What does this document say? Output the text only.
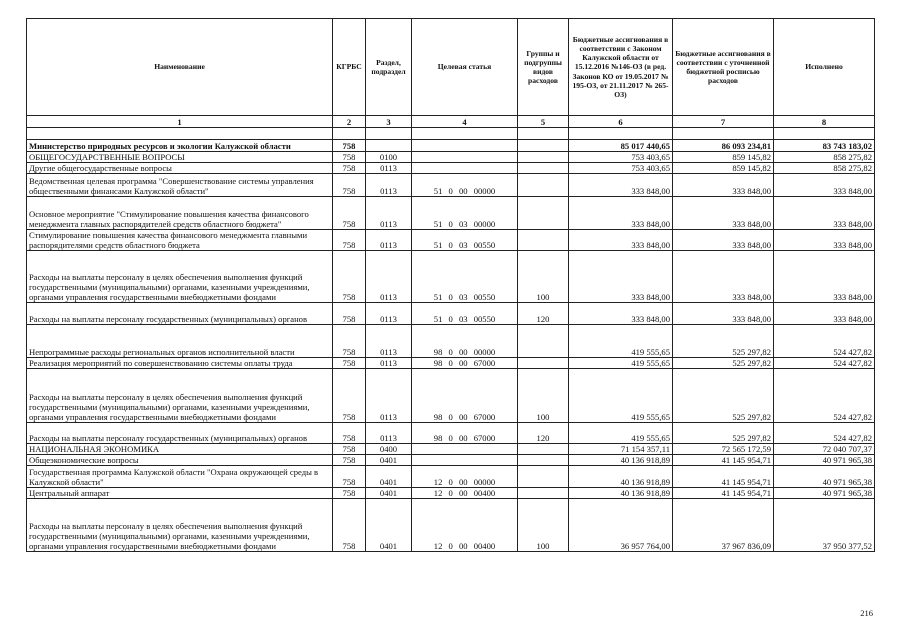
Наименование	КГРБС	Раздел, подраздел	Целевая статья	Группы и подгруппы видов расходов	Бюджетные ассигнования в соответствии с Законом Калужской области от 15.12.2016 №146-ОЗ (в ред. Законов КО от 19.05.2017 № 195-ОЗ, от 21.11.2017 № 265-ОЗ)	Бюджетные ассигнования в соответствии с уточненной бюджетной росписью расходов	Исполнено
1	2	3	4	5	6	7	8

Министерство природных ресурсов и экологии Калужской области	758				85 017 440,65	86 093 234,81	83 743 183,02
ОБЩЕГОСУДАРСТВЕННЫЕ ВОПРОСЫ	758	0100			753 403,65	859 145,82	858 275,82
Другие общегосударственные вопросы	758	0113			753 403,65	859 145,82	858 275,82
Ведомственная целевая программа "Совершенствование системы управления общественными финансами Калужской области"	758	0113	51 0 00 00000		333 848,00	333 848,00	333 848,00
Основное мероприятие "Стимулирование повышения качества финансового менеджмента главных распорядителей средств областного бюджета"	758	0113	51 0 03 00000		333 848,00	333 848,00	333 848,00
Стимулирование повышения качества финансового менеджмента главными распорядителями средств областного бюджета	758	0113	51 0 03 00550		333 848,00	333 848,00	333 848,00
Расходы на выплаты персоналу в целях обеспечения выполнения функций государственными (муниципальными) органами, казенными учреждениями, органами управления государственными внебюджетными фондами	758	0113	51 0 03 00550	100	333 848,00	333 848,00	333 848,00
Расходы на выплаты персоналу государственных (муниципальных) органов	758	0113	51 0 03 00550	120	333 848,00	333 848,00	333 848,00
Непрограммные расходы региональных органов исполнительной власти	758	0113	98 0 00 00000		419 555,65	525 297,82	524 427,82
Реализация мероприятий по совершенствованию системы оплаты труда	758	0113	98 0 00 67000		419 555,65	525 297,82	524 427,82
Расходы на выплаты персоналу в целях обеспечения выполнения функций государственными (муниципальными) органами, казенными учреждениями, органами управления государственными внебюджетными фондами	758	0113	98 0 00 67000	100	419 555,65	525 297,82	524 427,82
Расходы на выплаты персоналу государственных (муниципальных) органов	758	0113	98 0 00 67000	120	419 555,65	525 297,82	524 427,82
НАЦИОНАЛЬНАЯ ЭКОНОМИКА	758	0400			71 154 357,11	72 565 172,59	72 040 707,37
Общеэкономические вопросы	758	0401			40 136 918,89	41 145 954,71	40 971 965,38
Государственная программа Калужской области "Охрана окружающей среды в Калужской области"	758	0401	12 0 00 00000		40 136 918,89	41 145 954,71	40 971 965,38
Центральный аппарат	758	0401	12 0 00 00400		40 136 918,89	41 145 954,71	40 971 965,38
Расходы на выплаты персоналу в целях обеспечения выполнения функций государственными (муниципальными) органами, казенными учреждениями, органами управления государственными внебюджетными фондами	758	0401	12 0 00 00400	100	36 957 764,00	37 967 836,09	37 950 377,52
216
